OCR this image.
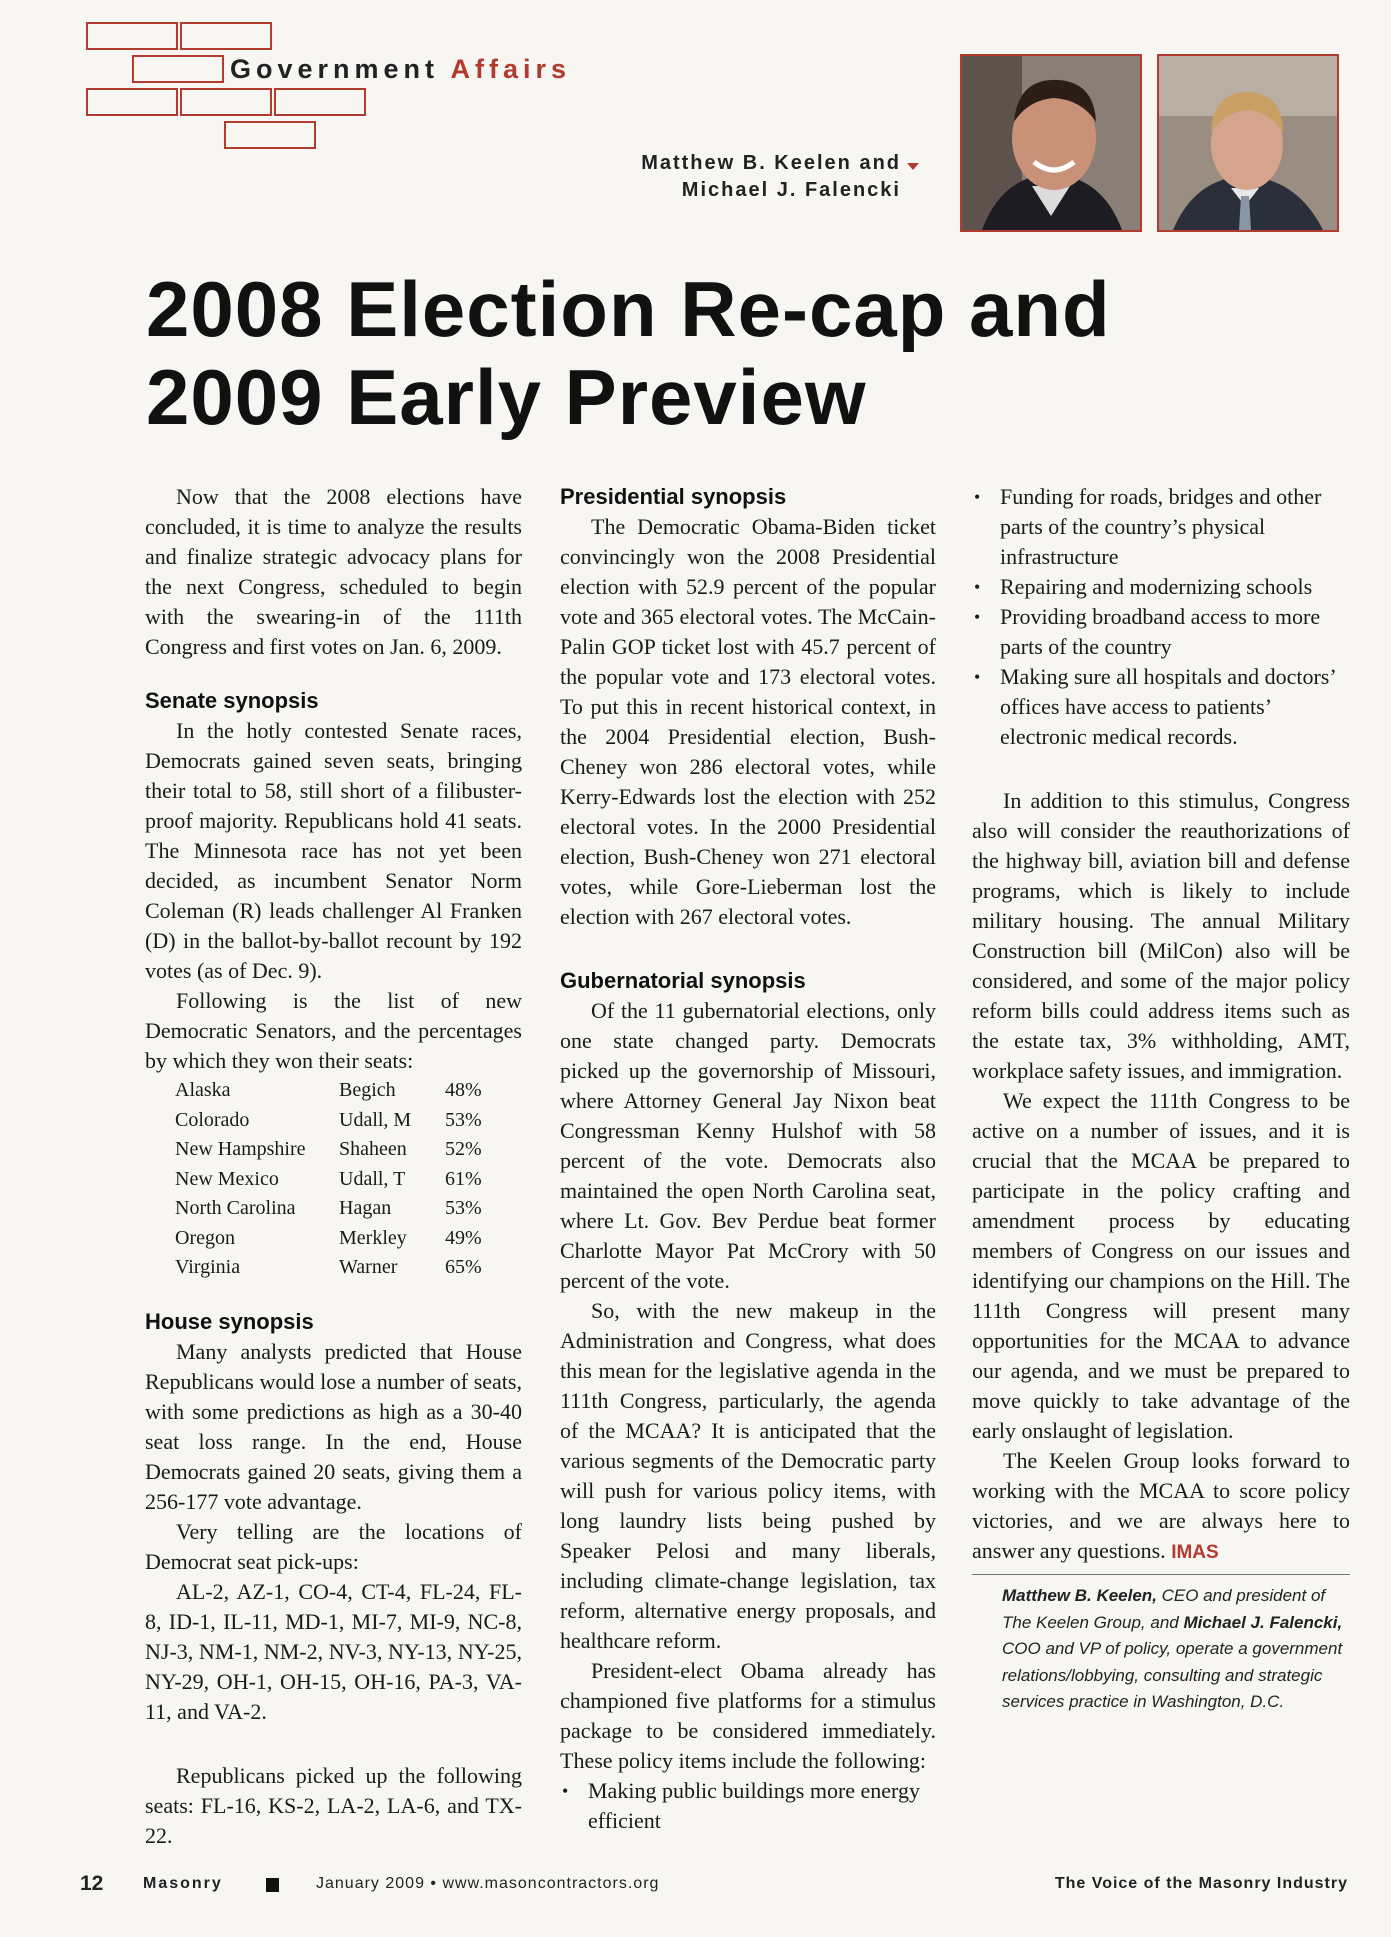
Government Affairs
Matthew B. Keelen and
Michael J. Falencki
2008 Election Re-cap and
2009 Early Preview

Now that the 2008 elections have concluded, it is time to analyze the results and finalize strategic advocacy plans for the next Congress, scheduled to begin with the swearing-in of the 111th Congress and first votes on Jan. 6, 2009.

Senate synopsis

In the hotly contested Senate races, Democrats gained seven seats, bringing their total to 58, still short of a filibuster-proof majority. Republicans hold 41 seats. The Minnesota race has not yet been decided, as incumbent Senator Norm Coleman (R) leads challenger Al Franken (D) in the ballot-by-ballot recount by 192 votes (as of Dec. 9).

Following is the list of new Democratic Senators, and the percentages by which they won their seats:

Alaska	Begich	48%
Colorado	Udall, M	53%
New Hampshire	Shaheen	52%
New Mexico	Udall, T	61%
North Carolina	Hagan	53%
Oregon	Merkley	49%
Virginia	Warner	65%
House synopsis

Many analysts predicted that House Republicans would lose a number of seats, with some predictions as high as a 30-40 seat loss range. In the end, House Democrats gained 20 seats, giving them a 256-177 vote advantage.

Very telling are the locations of Democrat seat pick-ups:

AL-2, AZ-1, CO-4, CT-4, FL-24, FL-8, ID-1, IL-11, MD-1, MI-7, MI-9, NC-8, NJ-3, NM-1, NM-2, NV-3, NY-13, NY-25, NY-29, OH-1, OH-15, OH-16, PA-3, VA-11, and VA-2.

Republicans picked up the following seats: FL-16, KS-2, LA-2, LA-6, and TX-22.

Presidential synopsis

The Democratic Obama-Biden ticket convincingly won the 2008 Presidential election with 52.9 percent of the popular vote and 365 electoral votes. The McCain-Palin GOP ticket lost with 45.7 percent of the popular vote and 173 electoral votes. To put this in recent historical context, in the 2004 Presidential election, Bush-Cheney won 286 electoral votes, while Kerry-Edwards lost the election with 252 electoral votes. In the 2000 Presidential election, Bush-Cheney won 271 electoral votes, while Gore-Lieberman lost the election with 267 electoral votes.

Gubernatorial synopsis

Of the 11 gubernatorial elections, only one state changed party. Democrats picked up the governorship of Missouri, where Attorney General Jay Nixon beat Congressman Kenny Hulshof with 58 percent of the vote. Democrats also maintained the open North Carolina seat, where Lt. Gov. Bev Perdue beat former Charlotte Mayor Pat McCrory with 50 percent of the vote.

So, with the new makeup in the Administration and Congress, what does this mean for the legislative agenda in the 111th Congress, particularly, the agenda of the MCAA? It is anticipated that the various segments of the Democratic party will push for various policy items, with long laundry lists being pushed by Speaker Pelosi and many liberals, including climate-change legislation, tax reform, alternative energy proposals, and healthcare reform.

President-elect Obama already has championed five platforms for a stimulus package to be considered immediately. These policy items include the following:

• Making public buildings more energy efficient
• Funding for roads, bridges and other parts of the country’s physical infrastructure
• Repairing and modernizing schools
• Providing broadband access to more parts of the country
• Making sure all hospitals and doctors’ offices have access to patients’ electronic medical records.

In addition to this stimulus, Congress also will consider the reauthorizations of the highway bill, aviation bill and defense programs, which is likely to include military housing. The annual Military Construction bill (MilCon) also will be considered, and some of the major policy reform bills could address items such as the estate tax, 3% withholding, AMT, workplace safety issues, and immigration.

We expect the 111th Congress to be active on a number of issues, and it is crucial that the MCAA be prepared to participate in the policy crafting and amendment process by educating members of Congress on our issues and identifying our champions on the Hill. The 111th Congress will present many opportunities for the MCAA to advance our agenda, and we must be prepared to move quickly to take advantage of the early onslaught of legislation.

The Keelen Group looks forward to working with the MCAA to score policy victories, and we are always here to answer any questions. IMAS

Matthew B. Keelen, CEO and president of The Keelen Group, and Michael J. Falencki, COO and VP of policy, operate a government relations/lobbying, consulting and strategic services practice in Washington, D.C.
12 Masonry	January 2009 • www.masoncontractors.org	The Voice of the Masonry Industry
